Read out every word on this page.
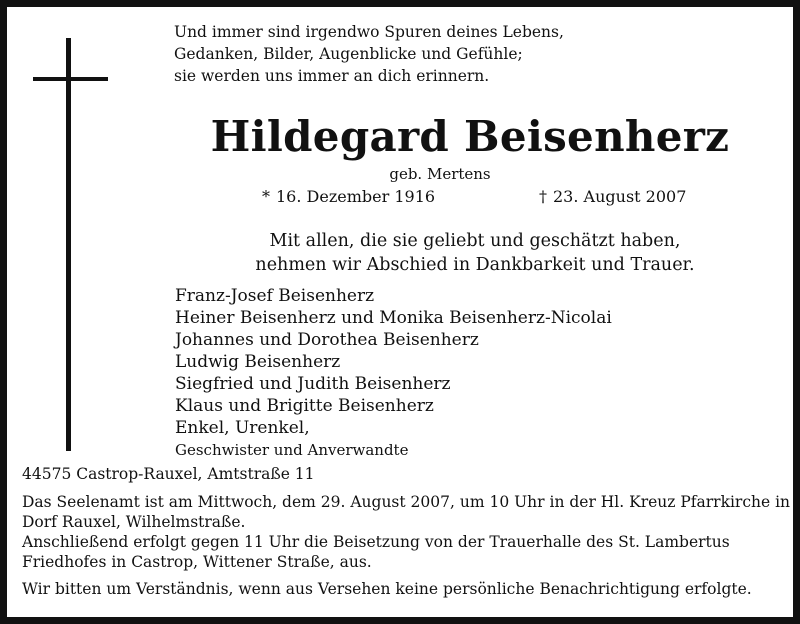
Und immer sind irgendwo Spuren deines Lebens,
Gedanken, Bilder, Augenblicke und Gefühle;
sie werden uns immer an dich erinnern.
Hildegard Beisenherz
geb. Mertens
* 16. Dezember 1916	† 23. August 2007
Mit allen, die sie geliebt und geschätzt haben,
nehmen wir Abschied in Dankbarkeit und Trauer.
Franz-Josef Beisenherz
Heiner Beisenherz und Monika Beisenherz-Nicolai
Johannes und Dorothea Beisenherz
Ludwig Beisenherz
Siegfried und Judith Beisenherz
Klaus und Brigitte Beisenherz
Enkel, Urenkel,
Geschwister und Anverwandte
44575 Castrop-Rauxel, Amtstraße 11
Das Seelenamt ist am Mittwoch, dem 29. August 2007, um 10 Uhr in der Hl. Kreuz Pfarrkirche in
Dorf Rauxel, Wilhelmstraße.
Anschließend erfolgt gegen 11 Uhr die Beisetzung von der Trauerhalle des St. Lambertus
Friedhofes in Castrop, Wittener Straße, aus.
Wir bitten um Verständnis, wenn aus Versehen keine persönliche Benachrichtigung erfolgte.
